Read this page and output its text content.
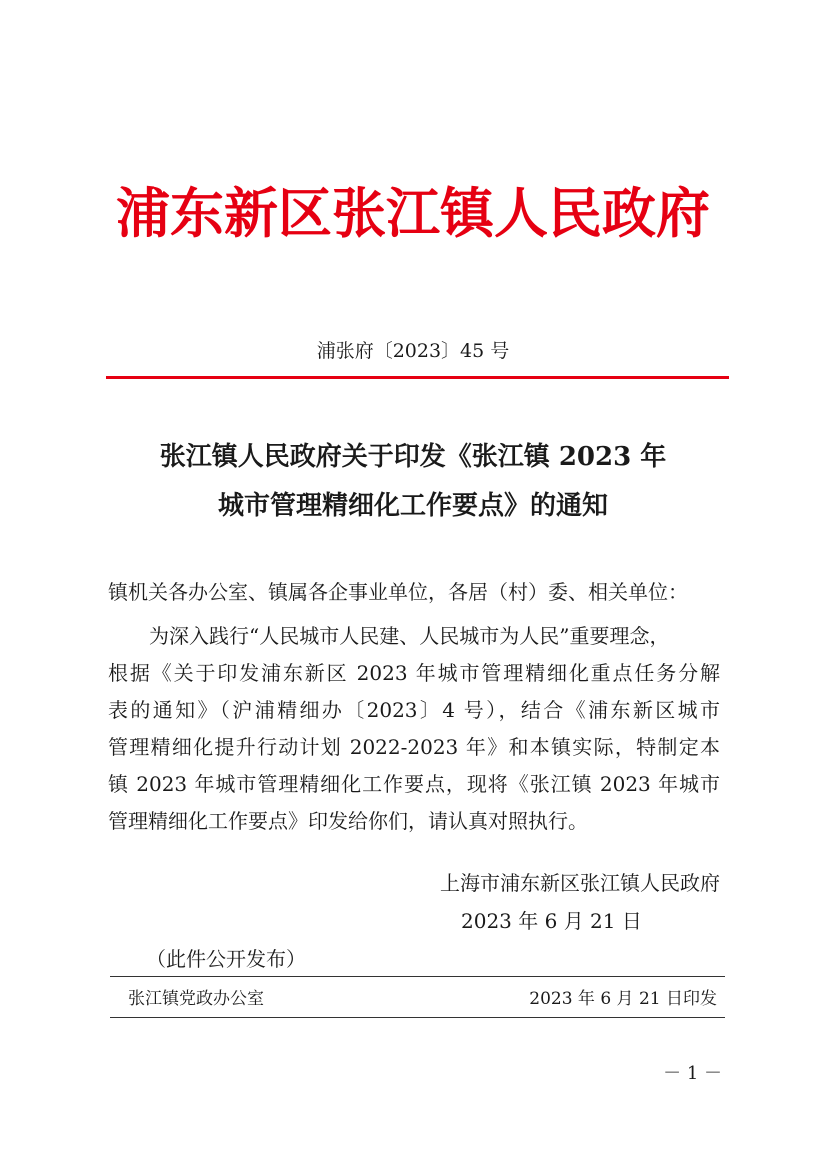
浦东新区张江镇人民政府
浦张府〔2023〕45 号
张江镇人民政府关于印发《张江镇 2023 年
城市管理精细化工作要点》的通知
镇机关各办公室、镇属各企事业单位，各居（村）委、相关单位：
为深入践行“人民城市人民建、人民城市为人民”重要理念，
根据《关于印发浦东新区 2023 年城市管理精细化重点任务分解
表的通知》（沪浦精细办〔2023〕4 号），结合《浦东新区城市
管理精细化提升行动计划 2022-2023 年》和本镇实际，特制定本
镇 2023 年城市管理精细化工作要点，现将《张江镇 2023 年城市
管理精细化工作要点》印发给你们，请认真对照执行。
上海市浦东新区张江镇人民政府
2023 年 6 月 21 日
（此件公开发布）
张江镇党政办公室	2023 年 6 月 21 日印发
－ 1 －
